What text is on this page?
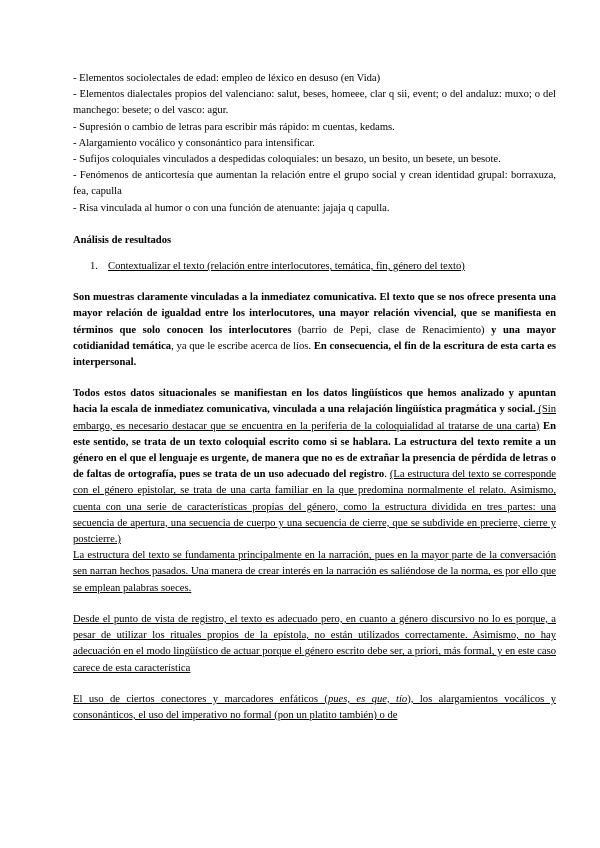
- Elementos sociolectales de edad: empleo de léxico en desuso (en Vida)

- Elementos dialectales propios del valenciano: salut, beses, homeee, clar q sii, event; o del andaluz: muxo; o del manchego: besete; o del vasco: agur.

- Supresión o cambio de letras para escribir más rápido: m cuentas, kedams.

- Alargamiento vocálico y consonántico para intensificar.

- Sufijos coloquiales vinculados a despedidas coloquiales: un besazo, un besito, un besete, un besote.

- Fenómenos de anticortesía que aumentan la relación entre el grupo social y crean identidad grupal: borraxuza, fea, capulla

- Risa vinculada al humor o con una función de atenuante: jajaja q capulla.

Análisis de resultados
1. Contextualizar el texto (relación entre interlocutores, temática, fin, género del texto)

Son muestras claramente vinculadas a la inmediatez comunicativa. El texto que se nos ofrece presenta una mayor relación de igualdad entre los interlocutores, una mayor relación vivencial, que se manifiesta en términos que solo conocen los interlocutores (barrio de Pepi, clase de Renacimiento) y una mayor cotidianidad temática, ya que le escribe acerca de líos. En consecuencia, el fin de la escritura de esta carta es interpersonal.

Todos estos datos situacionales se manifiestan en los datos lingüísticos que hemos analizado y apuntan hacia la escala de inmediatez comunicativa, vinculada a una relajación lingüística pragmática y social. (Sin embargo, es necesario destacar que se encuentra en la periferia de la coloquialidad al tratarse de una carta) En este sentido, se trata de un texto coloquial escrito como si se hablara. La estructura del texto remite a un género en el que el lenguaje es urgente, de manera que no es de extrañar la presencia de pérdida de letras o de faltas de ortografía, pues se trata de un uso adecuado del registro. (La estructura del texto se corresponde con el género epistolar, se trata de una carta familiar en la que predomina normalmente el relato. Asimismo, cuenta con una serie de características propias del género, como la estructura dividida en tres partes: una secuencia de apertura, una secuencia de cuerpo y una secuencia de cierre, que se subdivide en precierre, cierre y postcierre.)

La estructura del texto se fundamenta principalmente en la narración, pues en la mayor parte de la conversación sen narran hechos pasados. Una manera de crear interés en la narración es saliéndose de la norma, es por ello que se emplean palabras soeces.

Desde el punto de vista de registro, el texto es adecuado pero, en cuanto a género discursivo no lo es porque, a pesar de utilizar los rituales propios de la epístola, no están utilizados correctamente. Asimismo, no hay adecuación en el modo lingüístico de actuar porque el género escrito debe ser, a priori, más formal, y en este caso carece de esta característica

El uso de ciertos conectores y marcadores enfáticos (pues, es que, tío), los alargamientos vocálicos y consonánticos, el uso del imperativo no formal (pon un platito también) o de
